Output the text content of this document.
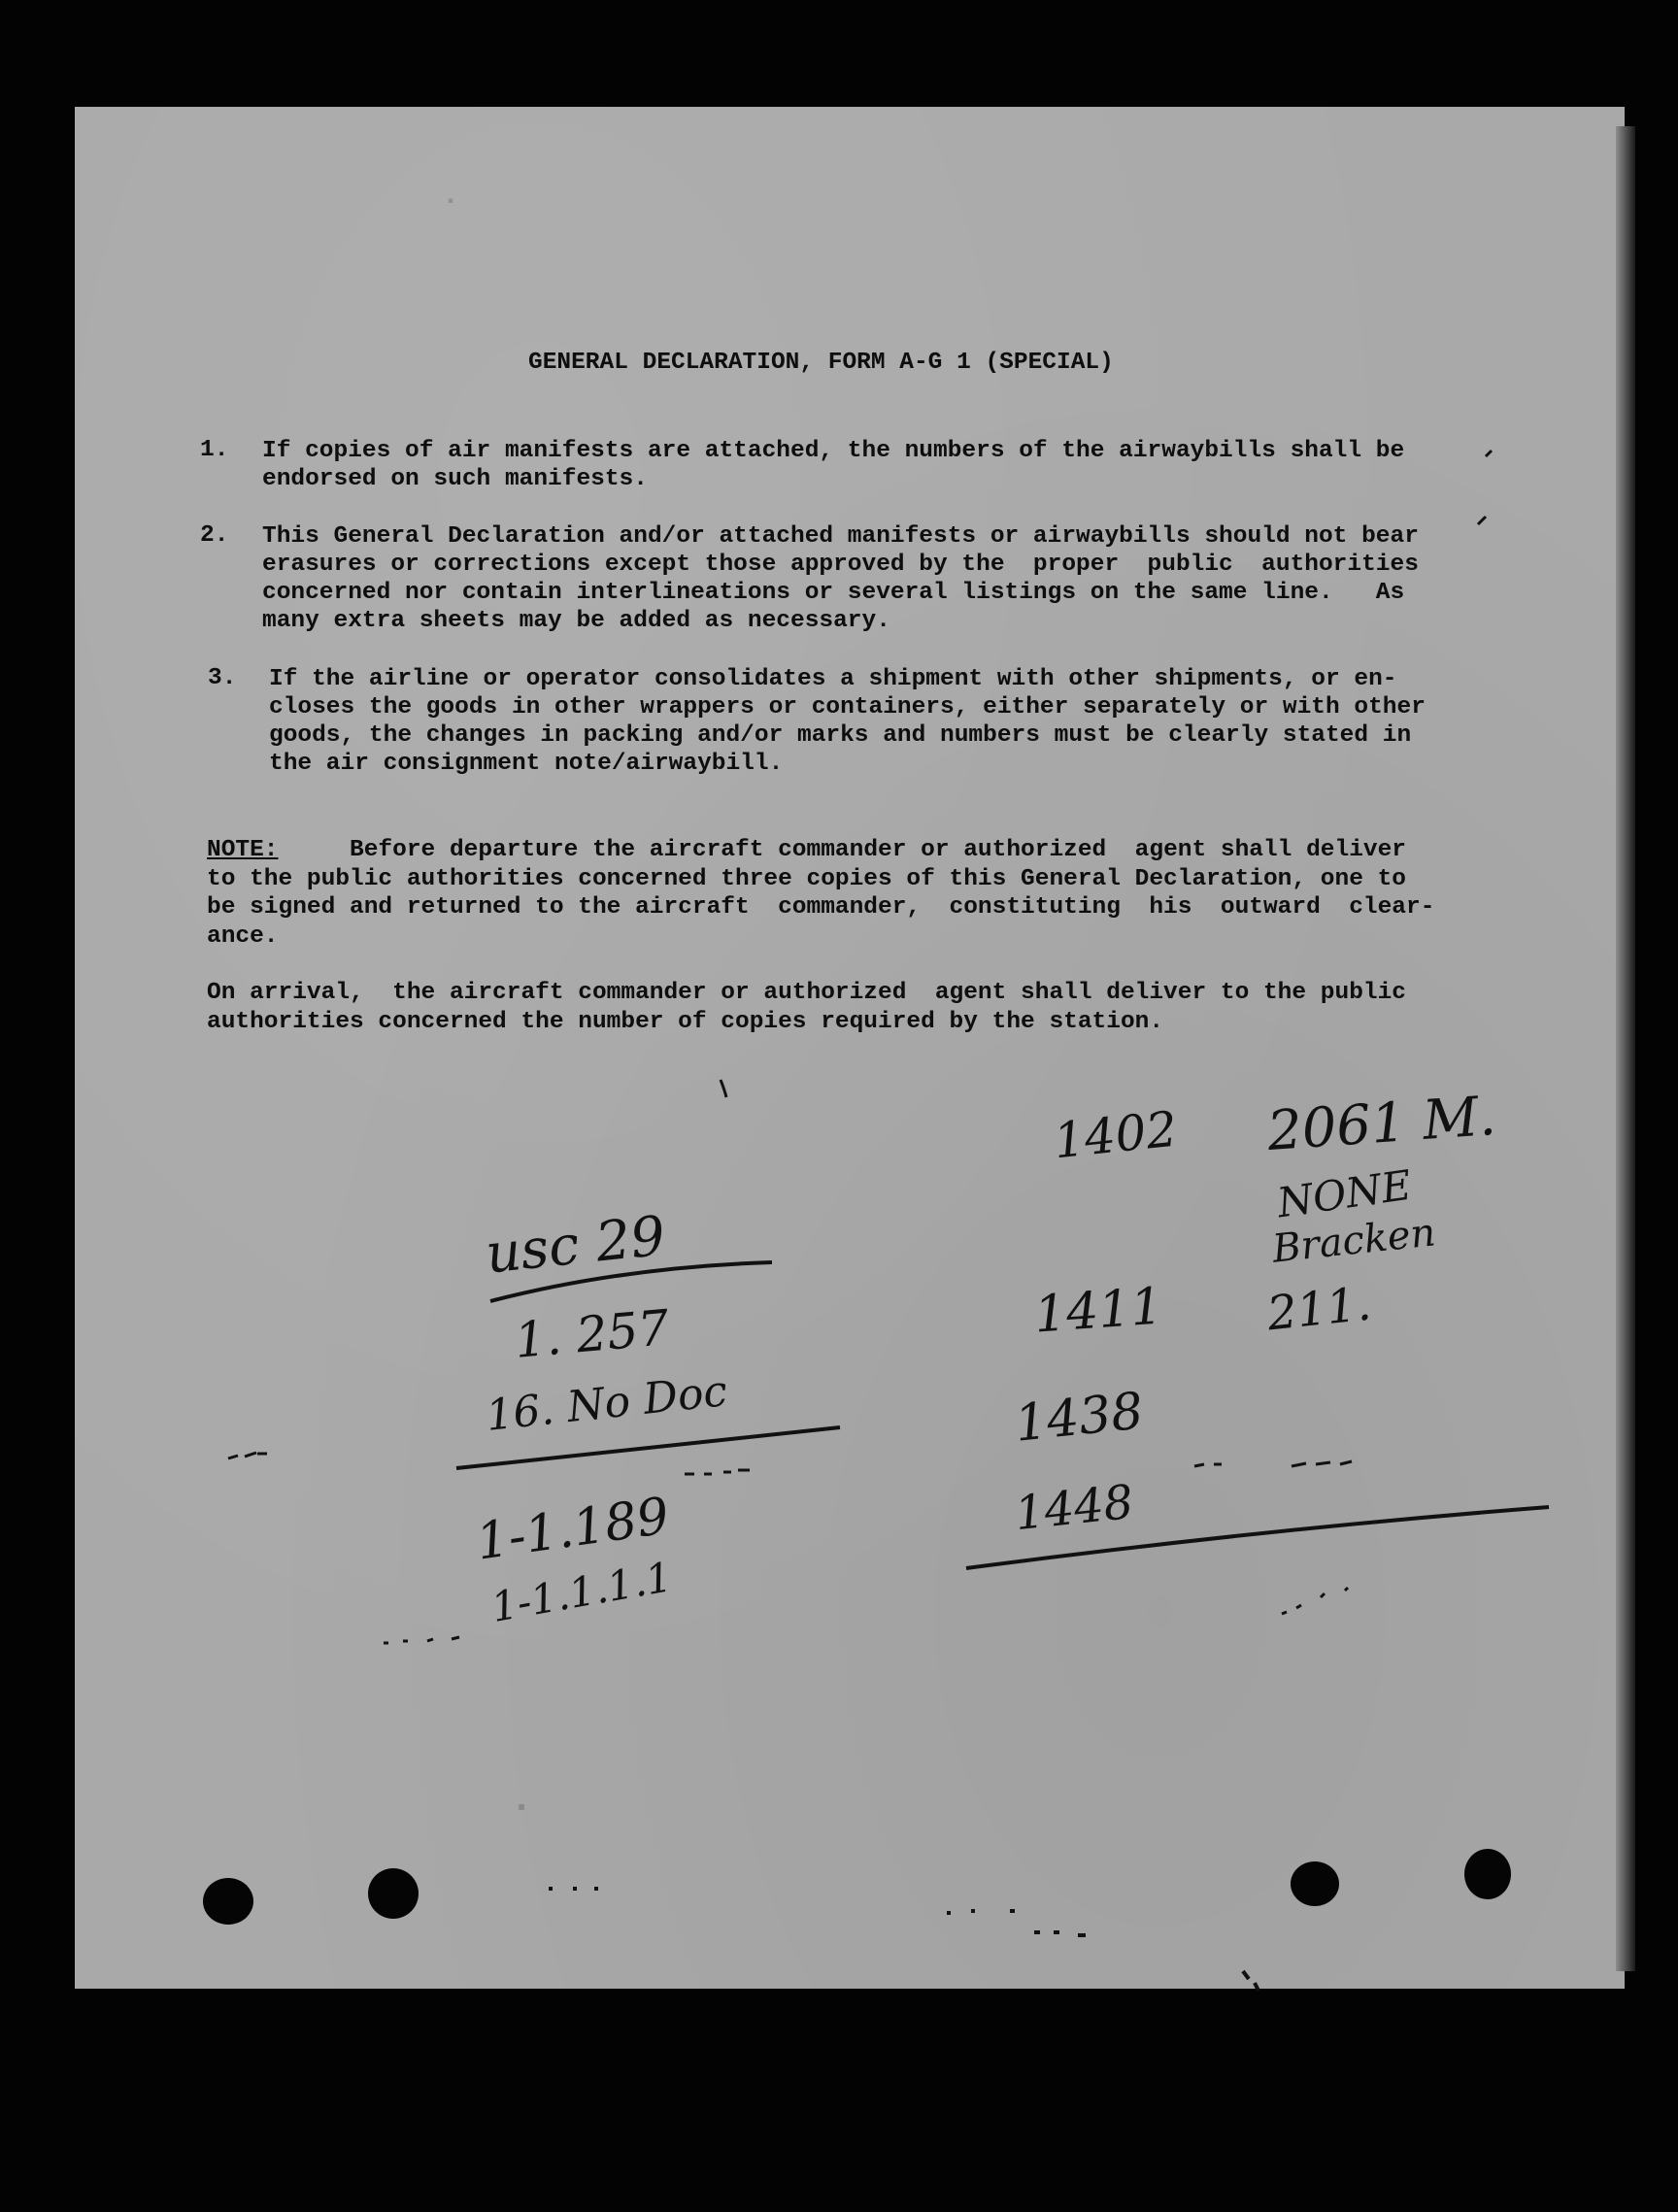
.
.
GENERAL DECLARATION, FORM A-G 1 (SPECIAL)
1. If copies of air manifests are attached, the numbers of the airwaybills shall be
endorsed on such manifests.
2. This General Declaration and/or attached manifests or airwaybills should not bear
erasures or corrections except those approved by the  proper  public  authorities
concerned nor contain interlineations or several listings on the same line.   As
many extra sheets may be added as necessary.
3. If the airline or operator consolidates a shipment with other shipments, or en-
closes the goods in other wrappers or containers, either separately or with other
goods, the changes in packing and/or marks and numbers must be clearly stated in
the air consignment note/airwaybill.
NOTE:     Before departure the aircraft commander or authorized  agent shall deliver
to the public authorities concerned three copies of this General Declaration, one to
be signed and returned to the aircraft  commander,  constituting  his  outward  clear-
ance.
On arrival,  the aircraft commander or authorized  agent shall deliver to the public
authorities concerned the number of copies required by the station.
usc 29
1. 257
16. No Doc
1-1.189
1-1.1.1.1
1402 2061 M.
NONE
Bracken
1411 211.
1438
1448
